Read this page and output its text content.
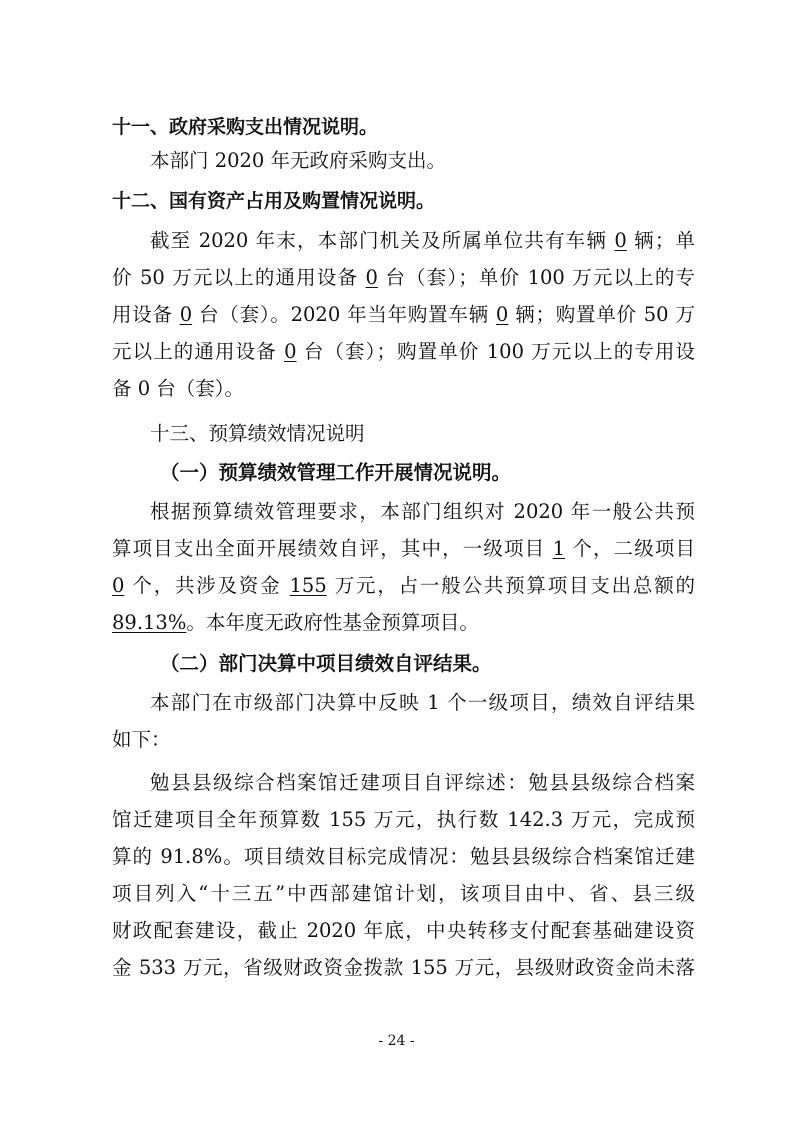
十一、政府采购支出情况说明。
本部门 2020 年无政府采购支出。
十二、国有资产占用及购置情况说明。
截至 2020 年末，本部门机关及所属单位共有车辆 0 辆；单
价 50 万元以上的通用设备 0 台（套）；单价 100 万元以上的专
用设备 0 台（套）。2020 年当年购置车辆 0 辆；购置单价 50 万
元以上的通用设备 0 台（套）；购置单价 100 万元以上的专用设
备 0 台（套）。
十三、预算绩效情况说明
（一）预算绩效管理工作开展情况说明。
根据预算绩效管理要求，本部门组织对 2020 年一般公共预
算项目支出全面开展绩效自评，其中，一级项目 1 个，二级项目
0 个，共涉及资金 155 万元，占一般公共预算项目支出总额的
89.13%。本年度无政府性基金预算项目。
（二）部门决算中项目绩效自评结果。
本部门在市级部门决算中反映 1 个一级项目，绩效自评结果
如下：
勉县县级综合档案馆迁建项目自评综述：勉县县级综合档案
馆迁建项目全年预算数 155 万元，执行数 142.3 万元，完成预
算的 91.8%。项目绩效目标完成情况：勉县县级综合档案馆迁建
项目列入“十三五”中西部建馆计划，该项目由中、省、县三级
财政配套建设，截止 2020 年底，中央转移支付配套基础建设资
金 533 万元，省级财政资金拨款 155 万元，县级财政资金尚未落
- 24 -
